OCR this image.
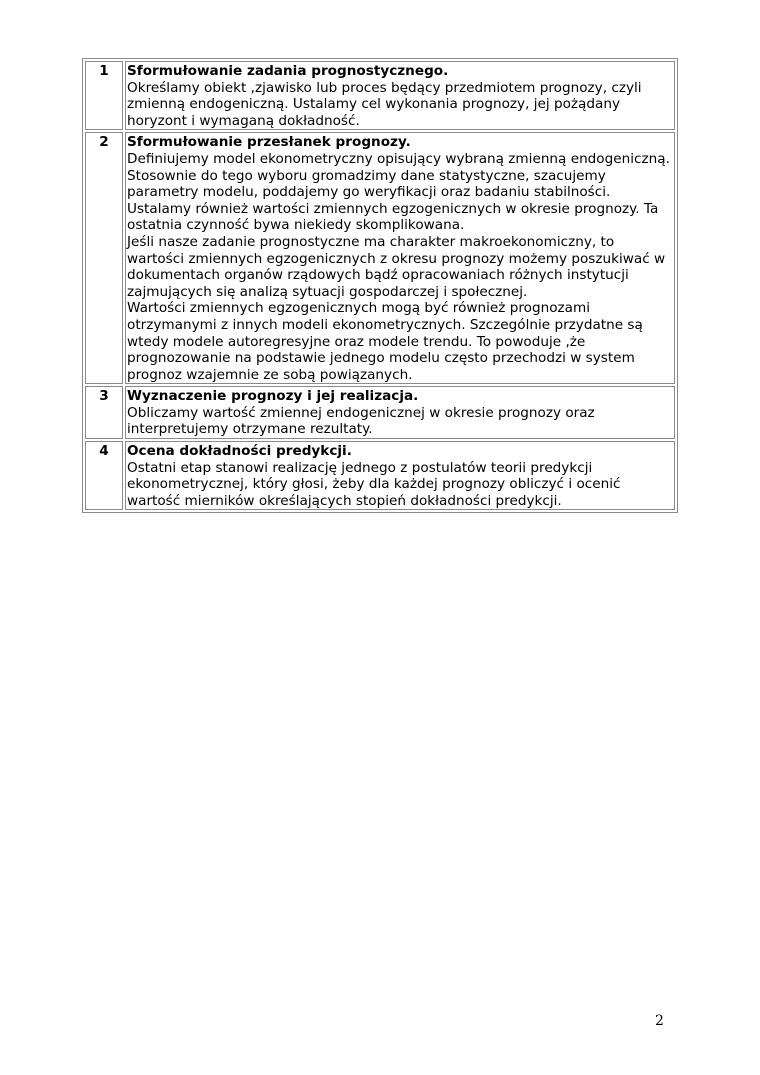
1	Sformułowanie zadania prognostycznego.
Określamy obiekt ,zjawisko lub proces będący przedmiotem prognozy, czyli zmienną endogeniczną. Ustalamy cel wykonania prognozy, jej pożądany horyzont i wymaganą dokładność.

2	Sformułowanie przesłanek prognozy.
Definiujemy model ekonometryczny opisujący wybraną zmienną endogeniczną. Stosownie do tego wyboru gromadzimy dane statystyczne, szacujemy parametry modelu, poddajemy go weryfikacji oraz badaniu stabilności. Ustalamy również wartości zmiennych egzogenicznych w okresie prognozy. Ta ostatnia czynność bywa niekiedy skomplikowana.
Jeśli nasze zadanie prognostyczne ma charakter makroekonomiczny, to wartości zmiennych egzogenicznych z okresu prognozy możemy poszukiwać w dokumentach organów rządowych bądź opracowaniach różnych instytucji zajmujących się analizą sytuacji gospodarczej i społecznej.
Wartości zmiennych egzogenicznych mogą być również prognozami otrzymanymi z innych modeli ekonometrycznych. Szczególnie przydatne są wtedy modele autoregresyjne oraz modele trendu. To powoduje ,że prognozowanie na podstawie jednego modelu często przechodzi w system prognoz wzajemnie ze sobą powiązanych.

3	Wyznaczenie prognozy i jej realizacja.
Obliczamy wartość zmiennej endogenicznej w okresie prognozy oraz interpretujemy otrzymane rezultaty.

4	Ocena dokładności predykcji.
Ostatni etap stanowi realizację jednego z postulatów teorii predykcji ekonometrycznej, który głosi, żeby dla każdej prognozy obliczyć i ocenić wartość mierników określających stopień dokładności predykcji.
2
